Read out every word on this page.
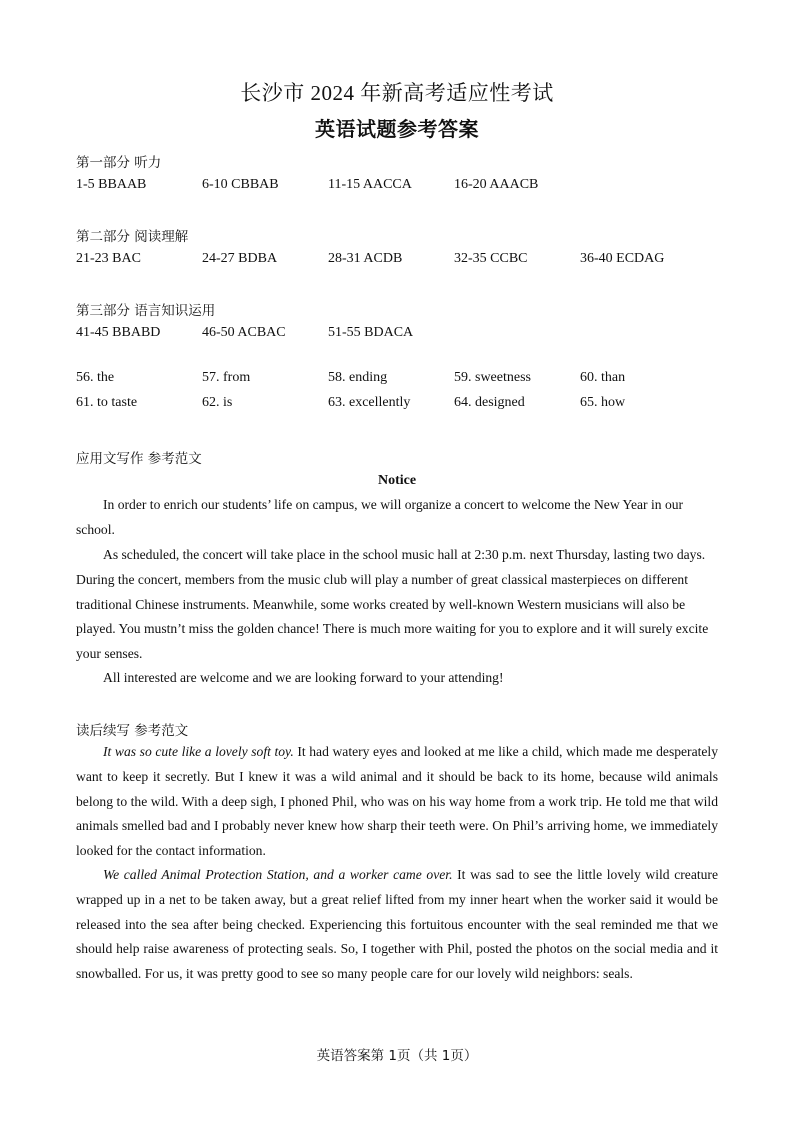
长沙市 2024 年新高考适应性考试
英语试题参考答案
第一部分 听力
1-5 BBAAB	6-10 CBBAB	11-15 AACCA	16-20 AAACB
第二部分 阅读理解
21-23 BAC	24-27 BDBA	28-31 ACDB	32-35 CCBC	36-40 ECDAG
第三部分 语言知识运用
41-45 BBABD	46-50 ACBAC	51-55 BDACA
56. the	57. from	58. ending	59. sweetness	60. than
61. to taste	62. is	63. excellently	64. designed	65. how
应用文写作 参考范文
Notice

In order to enrich our students’ life on campus, we will organize a concert to welcome the New Year in our school.

As scheduled, the concert will take place in the school music hall at 2:30 p.m. next Thursday, lasting two days. During the concert, members from the music club will play a number of great classical masterpieces on different traditional Chinese instruments. Meanwhile, some works created by well-known Western musicians will also be played. You mustn’t miss the golden chance! There is much more waiting for you to explore and it will surely excite your senses.

All interested are welcome and we are looking forward to your attending!

读后续写 参考范文

It was so cute like a lovely soft toy. It had watery eyes and looked at me like a child, which made me desperately want to keep it secretly. But I knew it was a wild animal and it should be back to its home, because wild animals belong to the wild. With a deep sigh, I phoned Phil, who was on his way home from a work trip. He told me that wild animals smelled bad and I probably never knew how sharp their teeth were. On Phil’s arriving home, we immediately looked for the contact information.

We called Animal Protection Station, and a worker came over. It was sad to see the little lovely wild creature wrapped up in a net to be taken away, but a great relief lifted from my inner heart when the worker said it would be released into the sea after being checked. Experiencing this fortuitous encounter with the seal reminded me that we should help raise awareness of protecting seals. So, I together with Phil, posted the photos on the social media and it snowballed. For us, it was pretty good to see so many people care for our lovely wild neighbors: seals.

英语答案第 1页（共 1页）
